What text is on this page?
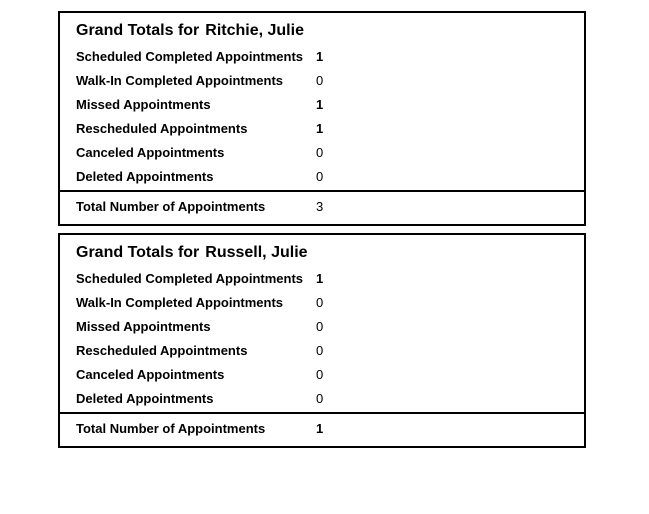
Grand Totals for Ritchie, Julie
Scheduled Completed Appointments 1
Walk-In Completed Appointments	0
Missed Appointments	1
Rescheduled Appointments	1
Canceled Appointments	0
Deleted Appointments	0
Total Number of Appointments	3
Grand Totals for Russell, Julie
Scheduled Completed Appointments 1
Walk-In Completed Appointments	0
Missed Appointments	0
Rescheduled Appointments	0
Canceled Appointments	0
Deleted Appointments	0
Total Number of Appointments	1
